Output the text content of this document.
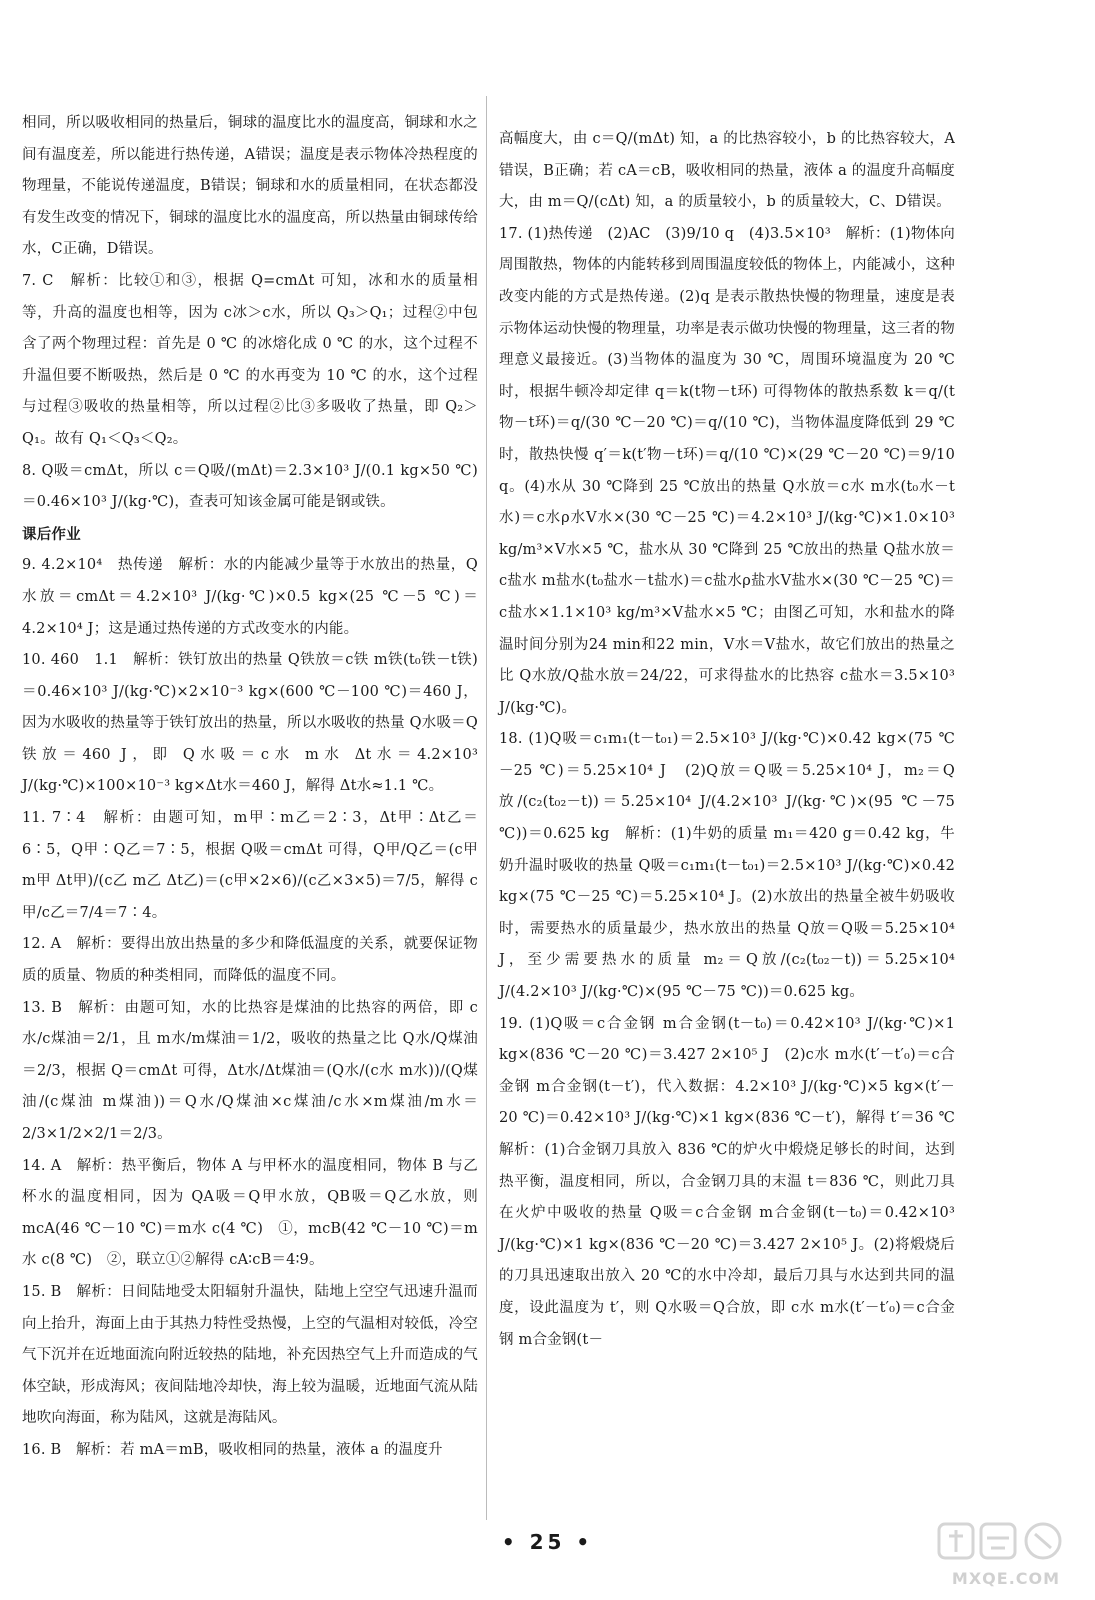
相同，所以吸收相同的热量后，铜球的温度比水的温度高，铜球和水之间有温度差，所以能进行热传递，A错误；温度是表示物体冷热程度的物理量，不能说传递温度，B错误；铜球和水的质量相同，在状态都没有发生改变的情况下，铜球的温度比水的温度高，所以热量由铜球传给水，C正确，D错误。

7. C　解析：比较①和③，根据 Q=cmΔt 可知，冰和水的质量相等，升高的温度也相等，因为 c冰＞c水，所以 Q₃＞Q₁；过程②中包含了两个物理过程：首先是 0 ℃ 的冰熔化成 0 ℃ 的水，这个过程不升温但要不断吸热，然后是 0 ℃ 的水再变为 10 ℃ 的水，这个过程与过程③吸收的热量相等，所以过程②比③多吸收了热量，即 Q₂＞Q₁。故有 Q₁＜Q₃＜Q₂。

8. Q吸＝cmΔt，所以 c＝Q吸/(mΔt)＝2.3×10³ J/(0.1 kg×50 ℃)＝0.46×10³ J/(kg·℃)，查表可知该金属可能是钢或铁。

课后作业

9. 4.2×10⁴　热传递　解析：水的内能减少量等于水放出的热量，Q水放＝cmΔt＝4.2×10³ J/(kg·℃)×0.5 kg×(25 ℃－5 ℃)＝4.2×10⁴ J；这是通过热传递的方式改变水的内能。

10. 460　1.1　解析：铁钉放出的热量 Q铁放＝c铁 m铁(t₀铁－t铁)＝0.46×10³ J/(kg·℃)×2×10⁻³ kg×(600 ℃－100 ℃)＝460 J，因为水吸收的热量等于铁钉放出的热量，所以水吸收的热量 Q水吸＝Q铁放＝460 J，即 Q水吸＝c水 m水 Δt水＝4.2×10³ J/(kg·℃)×100×10⁻³ kg×Δt水＝460 J，解得 Δt水≈1.1 ℃。

11. 7∶4　解析：由题可知，m甲∶m乙＝2∶3，Δt甲∶Δt乙＝6∶5，Q甲∶Q乙＝7∶5，根据 Q吸＝cmΔt 可得，Q甲/Q乙＝(c甲 m甲 Δt甲)/(c乙 m乙 Δt乙)＝(c甲×2×6)/(c乙×3×5)＝7/5，解得 c甲/c乙＝7/4＝7∶4。

12. A　解析：要得出放出热量的多少和降低温度的关系，就要保证物质的质量、物质的种类相同，而降低的温度不同。

13. B　解析：由题可知，水的比热容是煤油的比热容的两倍，即 c水/c煤油＝2/1，且 m水/m煤油＝1/2，吸收的热量之比 Q水/Q煤油＝2/3，根据 Q＝cmΔt 可得，Δt水/Δt煤油＝(Q水/(c水 m水))/(Q煤油/(c煤油 m煤油))＝Q水/Q煤油×c煤油/c水×m煤油/m水＝2/3×1/2×2/1＝2/3。

14. A　解析：热平衡后，物体 A 与甲杯水的温度相同，物体 B 与乙杯水的温度相同，因为 QA吸＝Q甲水放，QB吸＝Q乙水放，则 mcA(46 ℃－10 ℃)＝m水 c(4 ℃)　①，mcB(42 ℃－10 ℃)＝m水 c(8 ℃)　②，联立①②解得 cA∶cB＝4∶9。

15. B　解析：日间陆地受太阳辐射升温快，陆地上空空气迅速升温而向上抬升，海面上由于其热力特性受热慢，上空的气温相对较低，冷空气下沉并在近地面流向附近较热的陆地，补充因热空气上升而造成的气体空缺，形成海风；夜间陆地冷却快，海上较为温暖，近地面气流从陆地吹向海面，称为陆风，这就是海陆风。

16. B　解析：若 mA＝mB，吸收相同的热量，液体 a 的温度升

高幅度大，由 c＝Q/(mΔt) 知，a 的比热容较小，b 的比热容较大，A错误，B正确；若 cA＝cB，吸收相同的热量，液体 a 的温度升高幅度大，由 m＝Q/(cΔt) 知，a 的质量较小，b 的质量较大，C、D错误。

17. (1)热传递　(2)AC　(3)9/10 q　(4)3.5×10³　解析：(1)物体向周围散热，物体的内能转移到周围温度较低的物体上，内能减小，这种改变内能的方式是热传递。(2)q 是表示散热快慢的物理量，速度是表示物体运动快慢的物理量，功率是表示做功快慢的物理量，这三者的物理意义最接近。(3)当物体的温度为 30 ℃，周围环境温度为 20 ℃时，根据牛顿冷却定律 q＝k(t物－t环) 可得物体的散热系数 k＝q/(t物－t环)＝q/(30 ℃－20 ℃)＝q/(10 ℃)，当物体温度降低到 29 ℃时，散热快慢 q′＝k(t′物－t环)＝q/(10 ℃)×(29 ℃－20 ℃)＝9/10 q。(4)水从 30 ℃降到 25 ℃放出的热量 Q水放＝c水 m水(t₀水－t水)＝c水ρ水V水×(30 ℃－25 ℃)＝4.2×10³ J/(kg·℃)×1.0×10³ kg/m³×V水×5 ℃，盐水从 30 ℃降到 25 ℃放出的热量 Q盐水放＝c盐水 m盐水(t₀盐水－t盐水)＝c盐水ρ盐水V盐水×(30 ℃－25 ℃)＝c盐水×1.1×10³ kg/m³×V盐水×5 ℃；由图乙可知，水和盐水的降温时间分别为24 min和22 min，V水＝V盐水，故它们放出的热量之比 Q水放/Q盐水放＝24/22，可求得盐水的比热容 c盐水＝3.5×10³ J/(kg·℃)。

18. (1)Q吸＝c₁m₁(t－t₀₁)＝2.5×10³ J/(kg·℃)×0.42 kg×(75 ℃－25 ℃)＝5.25×10⁴ J　(2)Q放＝Q吸＝5.25×10⁴ J，m₂＝Q放/(c₂(t₀₂－t))＝5.25×10⁴ J/(4.2×10³ J/(kg·℃)×(95 ℃－75 ℃))＝0.625 kg　解析：(1)牛奶的质量 m₁＝420 g＝0.42 kg，牛奶升温时吸收的热量 Q吸＝c₁m₁(t－t₀₁)＝2.5×10³ J/(kg·℃)×0.42 kg×(75 ℃－25 ℃)＝5.25×10⁴ J。(2)水放出的热量全被牛奶吸收时，需要热水的质量最少，热水放出的热量 Q放＝Q吸＝5.25×10⁴ J，至少需要热水的质量 m₂＝Q放/(c₂(t₀₂－t))＝5.25×10⁴ J/(4.2×10³ J/(kg·℃)×(95 ℃－75 ℃))＝0.625 kg。

19. (1)Q吸＝c合金钢 m合金钢(t－t₀)＝0.42×10³ J/(kg·℃)×1 kg×(836 ℃－20 ℃)＝3.427 2×10⁵ J　(2)c水 m水(t′－t′₀)＝c合金钢 m合金钢(t－t′)，代入数据：4.2×10³ J/(kg·℃)×5 kg×(t′－20 ℃)＝0.42×10³ J/(kg·℃)×1 kg×(836 ℃－t′)，解得 t′＝36 ℃　解析：(1)合金钢刀具放入 836 ℃的炉火中煅烧足够长的时间，达到热平衡，温度相同，所以，合金钢刀具的末温 t＝836 ℃，则此刀具在火炉中吸收的热量 Q吸＝c合金钢 m合金钢(t－t₀)＝0.42×10³ J/(kg·℃)×1 kg×(836 ℃－20 ℃)＝3.427 2×10⁵ J。(2)将煅烧后的刀具迅速取出放入 20 ℃的水中冷却，最后刀具与水达到共同的温度，设此温度为 t′，则 Q水吸＝Q合放，即 c水 m水(t′－t′₀)＝c合金钢 m合金钢(t－

• 25 •
MXQE.COM
